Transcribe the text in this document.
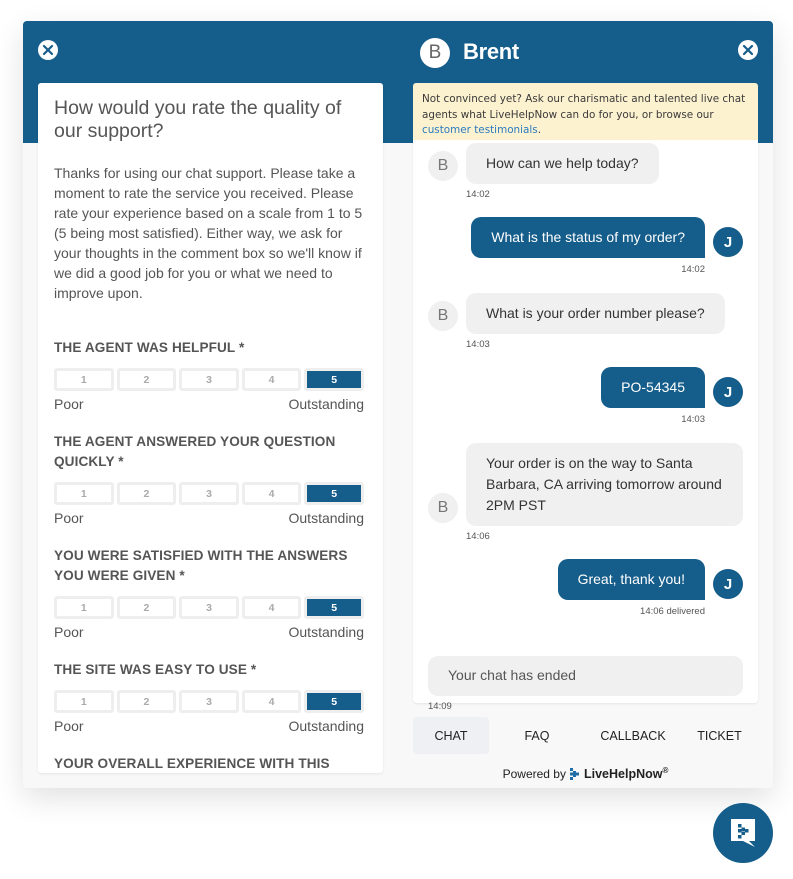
How would you rate the quality of our support?
Thanks for using our chat support. Please take a moment to rate the service you received. Please rate your experience based on a scale from 1 to 5 (5 being most satisfied). Either way, we ask for your thoughts in the comment box so we'll know if we did a good job for you or what we need to improve upon.
THE AGENT WAS HELPFUL *
1	2	3	4	5
Poor	Outstanding
THE AGENT ANSWERED YOUR QUESTION QUICKLY *
1	2	3	4	5
Poor	Outstanding
YOU WERE SATISFIED WITH THE ANSWERS YOU WERE GIVEN *
1	2	3	4	5
Poor	Outstanding
THE SITE WAS EASY TO USE *
1	2	3	4	5
Poor	Outstanding
YOUR OVERALL EXPERIENCE WITH THIS
B Brent
Not convinced yet? Ask our charismatic and talented live chat agents what LiveHelpNow can do for you, or browse our customer testimonials.
B	How can we help today?
14:02
What is the status of my order?	J
14:02
B	What is your order number please?
14:03
PO-54345	J
14:03
B
Your order is on the way to Santa Barbara, CA arriving tomorrow around 2PM PST
14:06
Great, thank you!	J
14:06 delivered
Your chat has ended
14:09
CHAT	FAQ	CALLBACK	TICKET
Powered by LiveHelpNow®
